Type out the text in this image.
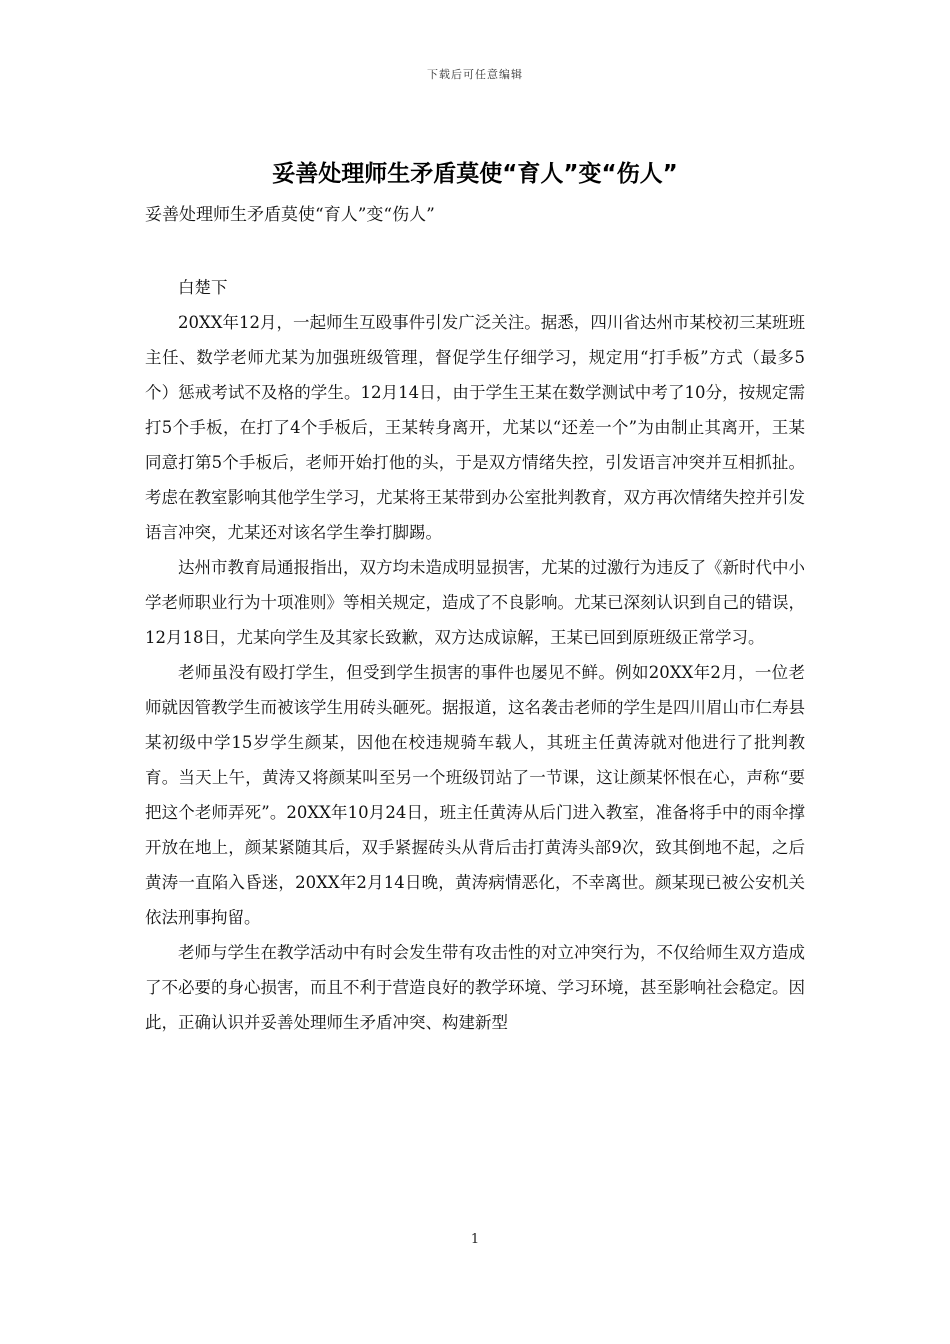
下载后可任意编辑
妥善处理师生矛盾莫使“育人”变“伤人”
妥善处理师生矛盾莫使“育人”变“伤人”

白楚下

20XX年12月，一起师生互殴事件引发广泛关注。据悉，四川省达州市某校初三某班班主任、数学老师尤某为加强班级管理，督促学生仔细学习，规定用“打手板”方式（最多5个）惩戒考试不及格的学生。12月14日，由于学生王某在数学测试中考了10分，按规定需打5个手板，在打了4个手板后，王某转身离开，尤某以“还差一个”为由制止其离开，王某同意打第5个手板后，老师开始打他的头，于是双方情绪失控，引发语言冲突并互相抓扯。考虑在教室影响其他学生学习，尤某将王某带到办公室批判教育，双方再次情绪失控并引发语言冲突，尤某还对该名学生拳打脚踢。

达州市教育局通报指出，双方均未造成明显损害，尤某的过激行为违反了《新时代中小学老师职业行为十项准则》等相关规定，造成了不良影响。尤某已深刻认识到自己的错误，12月18日，尤某向学生及其家长致歉，双方达成谅解，王某已回到原班级正常学习。

老师虽没有殴打学生，但受到学生损害的事件也屡见不鲜。例如20XX年2月，一位老师就因管教学生而被该学生用砖头砸死。据报道，这名袭击老师的学生是四川眉山市仁寿县某初级中学15岁学生颜某，因他在校违规骑车载人，其班主任黄涛就对他进行了批判教育。当天上午，黄涛又将颜某叫至另一个班级罚站了一节课，这让颜某怀恨在心，声称“要把这个老师弄死”。20XX年10月24日，班主任黄涛从后门进入教室，准备将手中的雨伞撑开放在地上，颜某紧随其后，双手紧握砖头从背后击打黄涛头部9次，致其倒地不起，之后黄涛一直陷入昏迷，20XX年2月14日晚，黄涛病情恶化，不幸离世。颜某现已被公安机关依法刑事拘留。

老师与学生在教学活动中有时会发生带有攻击性的对立冲突行为，不仅给师生双方造成了不必要的身心损害，而且不利于营造良好的教学环境、学习环境，甚至影响社会稳定。因此，正确认识并妥善处理师生矛盾冲突、构建新型

1
